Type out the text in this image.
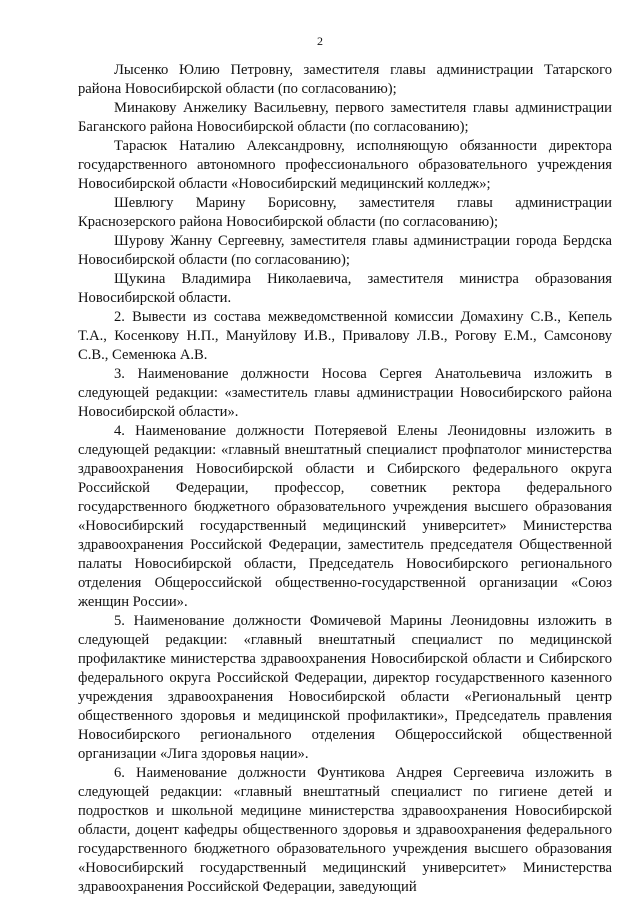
2

Лысенко Юлию Петровну, заместителя главы администрации Татарского района Новосибирской области (по согласованию);

Минакову Анжелику Васильевну, первого заместителя главы администрации Баганского района Новосибирской области (по согласованию);

Тарасюк Наталию Александровну, исполняющую обязанности директора государственного автономного профессионального образовательного учреждения Новосибирской области «Новосибирский медицинский колледж»;

Шевлюгу Марину Борисовну, заместителя главы администрации Краснозерского района Новосибирской области (по согласованию);

Шурову Жанну Сергеевну, заместителя главы администрации города Бердска Новосибирской области (по согласованию);

Щукина Владимира Николаевича, заместителя министра образования Новосибирской области.

2. Вывести из состава межведомственной комиссии Домахину С.В., Кепель Т.А., Косенкову Н.П., Мануйлову И.В., Привалову Л.В., Рогову Е.М., Самсонову С.В., Семенюка А.В.

3. Наименование должности Носова Сергея Анатольевича изложить в следующей редакции: «заместитель главы администрации Новосибирского района Новосибирской области».

4. Наименование должности Потеряевой Елены Леонидовны изложить в следующей редакции: «главный внештатный специалист профпатолог министерства здравоохранения Новосибирской области и Сибирского федерального округа Российской Федерации, профессор, советник ректора федерального государственного бюджетного образовательного учреждения высшего образования «Новосибирский государственный медицинский университет» Министерства здравоохранения Российской Федерации, заместитель председателя Общественной палаты Новосибирской области, Председатель Новосибирского регионального отделения Общероссийской общественно-государственной организации «Союз женщин России».

5. Наименование должности Фомичевой Марины Леонидовны изложить в следующей редакции: «главный внештатный специалист по медицинской профилактике министерства здравоохранения Новосибирской области и Сибирского федерального округа Российской Федерации, директор государственного казенного учреждения здравоохранения Новосибирской области «Региональный центр общественного здоровья и медицинской профилактики», Председатель правления Новосибирского регионального отделения Общероссийской общественной организации «Лига здоровья нации».

6. Наименование должности Фунтикова Андрея Сергеевича изложить в следующей редакции: «главный внештатный специалист по гигиене детей и подростков и школьной медицине министерства здравоохранения Новосибирской области, доцент кафедры общественного здоровья и здравоохранения федерального государственного бюджетного образовательного учреждения высшего образования «Новосибирский государственный медицинский университет» Министерства здравоохранения Российской Федерации, заведующий
